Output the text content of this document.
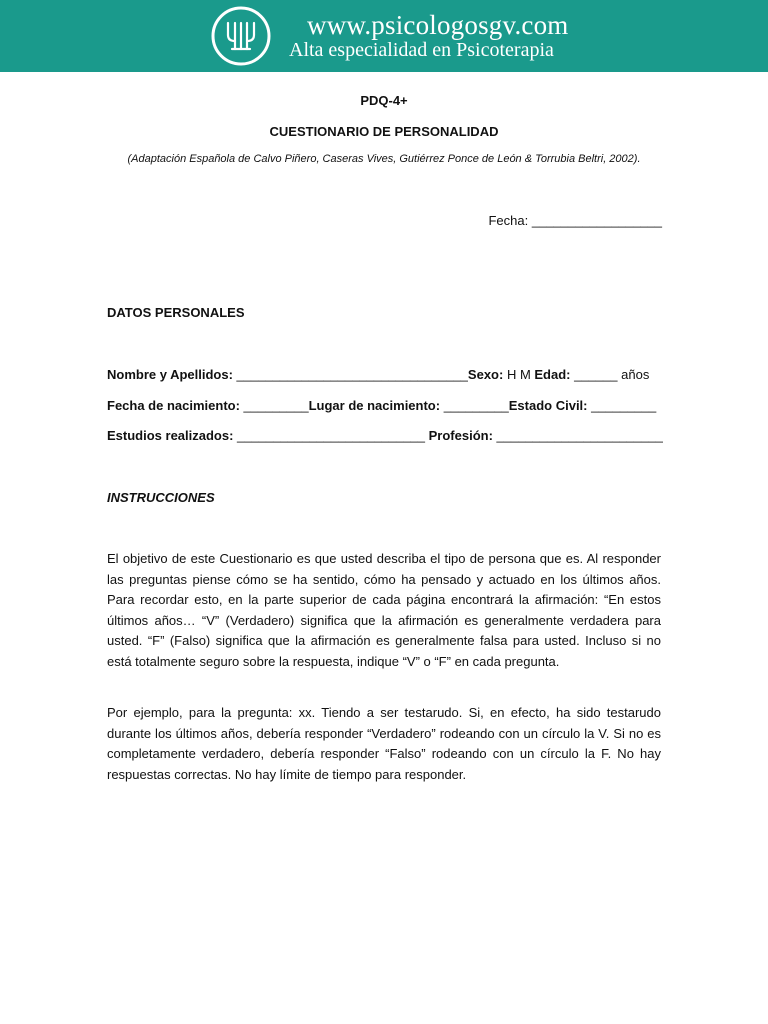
www.psicologosgv.com
Alta especialidad en Psicoterapia
PDQ-4+
CUESTIONARIO DE PERSONALIDAD
(Adaptación Española de Calvo Piñero, Caseras Vives, Gutiérrez Ponce de León & Torrubia Beltri, 2002).
Fecha: __________________
DATOS PERSONALES
Nombre y Apellidos: ________________________________Sexo: H M Edad: ______ años
Fecha de nacimiento: _________Lugar de nacimiento: _________Estado Civil: _________
Estudios realizados: __________________________ Profesión: _______________________
INSTRUCCIONES
El objetivo de este Cuestionario es que usted describa el tipo de persona que es. Al responder las preguntas piense cómo se ha sentido, cómo ha pensado y actuado en los últimos años. Para recordar esto, en la parte superior de cada página encontrará la afirmación: “En estos últimos años… “V” (Verdadero) significa que la afirmación es generalmente verdadera para usted. “F” (Falso) significa que la afirmación es generalmente falsa para usted. Incluso si no está totalmente seguro sobre la respuesta, indique “V” o “F” en cada pregunta.
Por ejemplo, para la pregunta: xx. Tiendo a ser testarudo. Si, en efecto, ha sido testarudo durante los últimos años, debería responder “Verdadero” rodeando con un círculo la V. Si no es completamente verdadero, debería responder “Falso” rodeando con un círculo la F. No hay respuestas correctas. No hay límite de tiempo para responder.
